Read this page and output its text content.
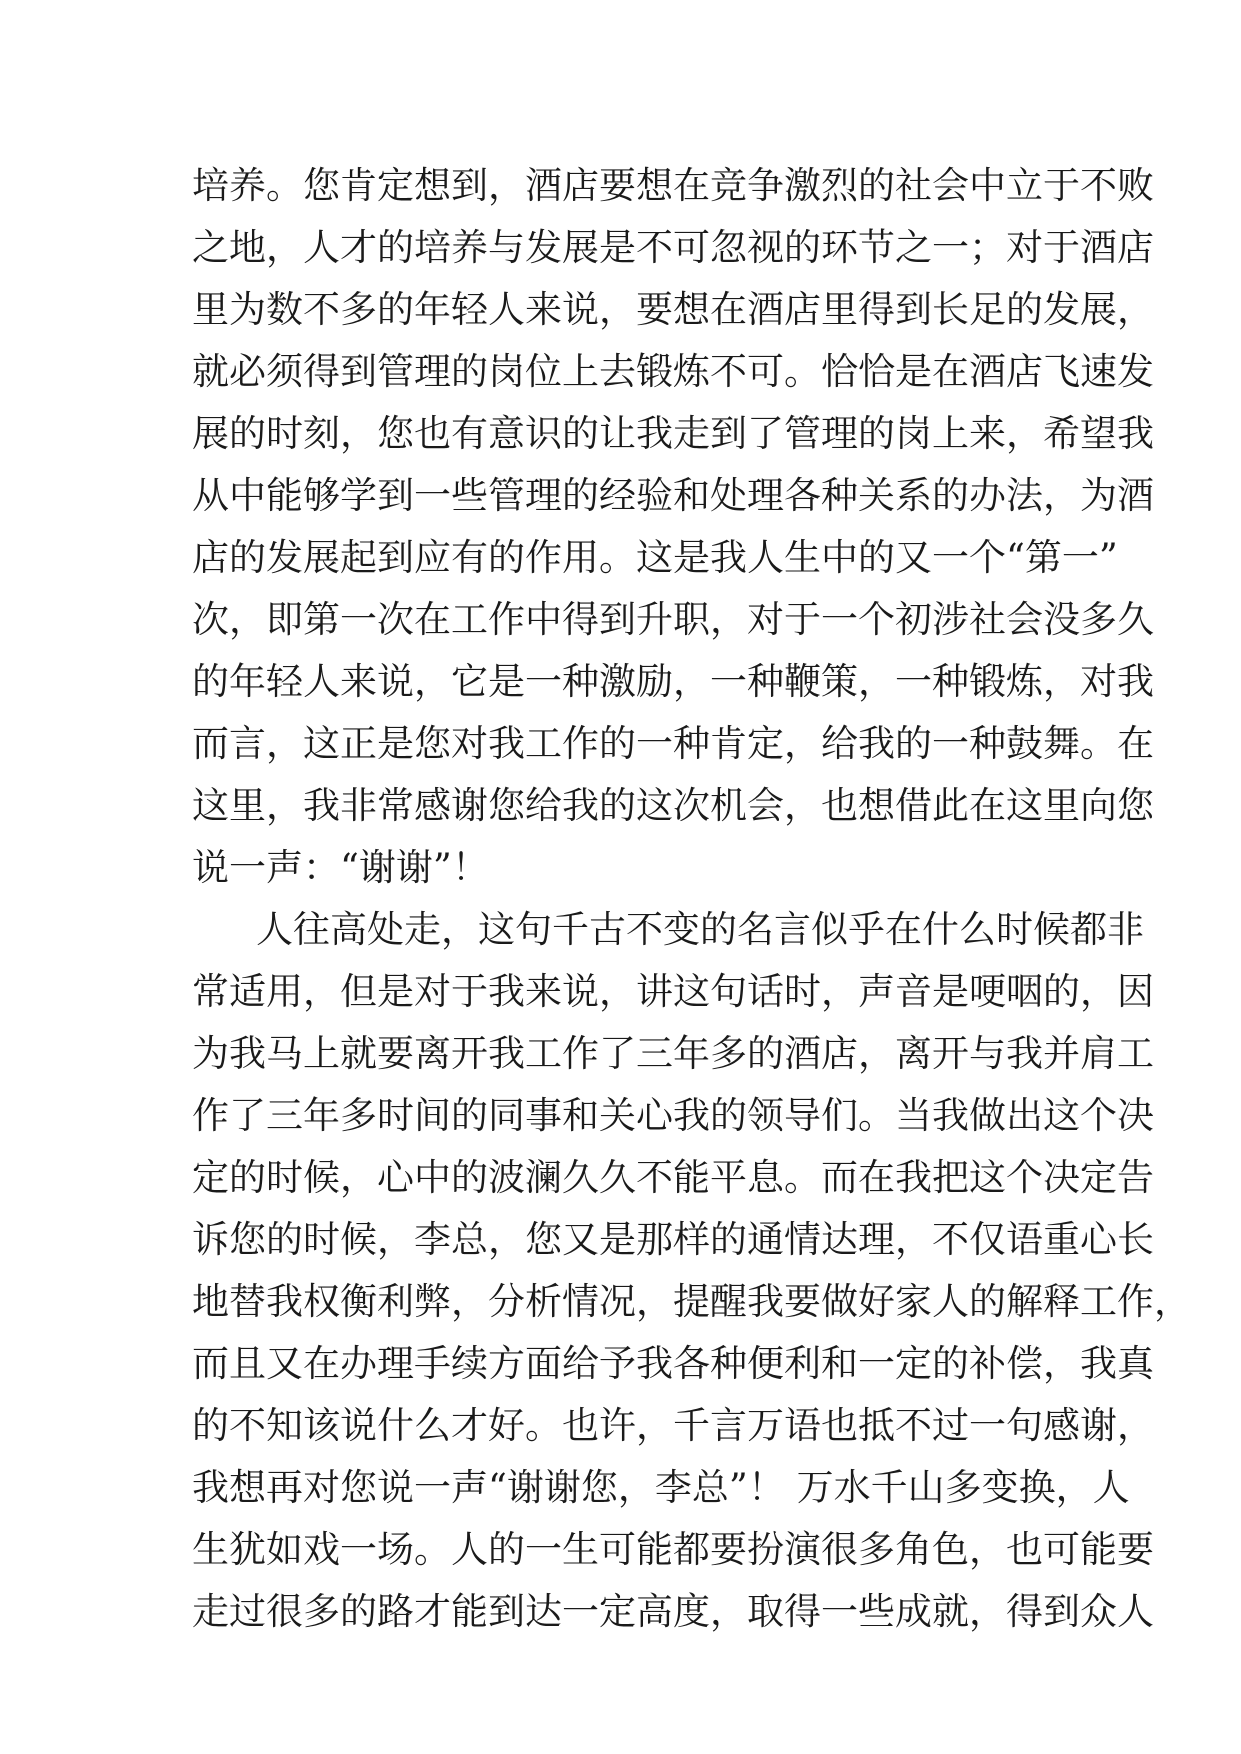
培养。您肯定想到，酒店要想在竞争激烈的社会中立于不败
之地，人才的培养与发展是不可忽视的环节之一；对于酒店
里为数不多的年轻人来说，要想在酒店里得到长足的发展，
就必须得到管理的岗位上去锻炼不可。恰恰是在酒店飞速发
展的时刻，您也有意识的让我走到了管理的岗上来，希望我
从中能够学到一些管理的经验和处理各种关系的办法，为酒
店的发展起到应有的作用。这是我人生中的又一个“第一”
次，即第一次在工作中得到升职，对于一个初涉社会没多久
的年轻人来说，它是一种激励，一种鞭策，一种锻炼，对我
而言，这正是您对我工作的一种肯定，给我的一种鼓舞。在
这里，我非常感谢您给我的这次机会，也想借此在这里向您
说一声：“谢谢”！
人往高处走，这句千古不变的名言似乎在什么时候都非
常适用，但是对于我来说，讲这句话时，声音是哽咽的，因
为我马上就要离开我工作了三年多的酒店，离开与我并肩工
作了三年多时间的同事和关心我的领导们。当我做出这个决
定的时候，心中的波澜久久不能平息。而在我把这个决定告
诉您的时候，李总，您又是那样的通情达理，不仅语重心长
地替我权衡利弊，分析情况，提醒我要做好家人的解释工作，
而且又在办理手续方面给予我各种便利和一定的补偿，我真
的不知该说什么才好。也许，千言万语也抵不过一句感谢，
我想再对您说一声“谢谢您，李总”！ 万水千山多变换，人
生犹如戏一场。人的一生可能都要扮演很多角色，也可能要
走过很多的路才能到达一定高度，取得一些成就，得到众人
